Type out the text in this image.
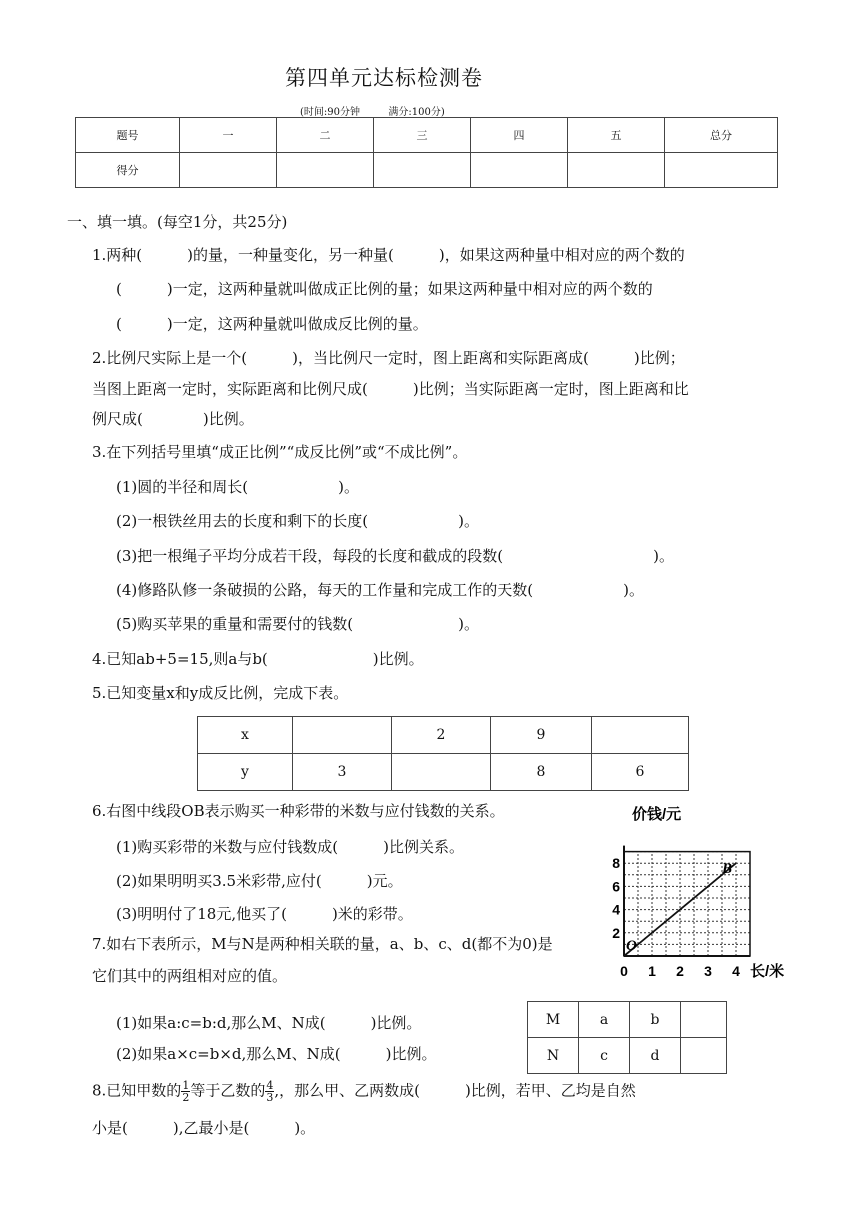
第四单元达标检测卷
(时间:90分钟	满分:100分)
题号	一	二	三	四	五	总分
得分						
一、填一填。(每空1分，共25分)
1.两种(　　　)的量，一种量变化，另一种量(　　　)，如果这两种量中相对应的两个数的
(　　　)一定，这两种量就叫做成正比例的量；如果这两种量中相对应的两个数的
(　　　)一定，这两种量就叫做成反比例的量。
2.比例尺实际上是一个(　　　)，当比例尺一定时，图上距离和实际距离成(　　　)比例；
当图上距离一定时，实际距离和比例尺成(　　　)比例；当实际距离一定时，图上距离和比
例尺成(　　　　)比例。
3.在下列括号里填“成正比例”“成反比例”或“不成比例”。
(1)圆的半径和周长(　　　　　　)。
(2)一根铁丝用去的长度和剩下的长度(　　　　　　)。
(3)把一根绳子平均分成若干段，每段的长度和截成的段数(　　　　　　　　　　)。
(4)修路队修一条破损的公路，每天的工作量和完成工作的天数(　　　　　　)。
(5)购买苹果的重量和需要付的钱数(　　　　　　　)。
4.已知ab+5=15,则a与b(　　　　　　　)比例。
5.已知变量x和y成反比例，完成下表。
x		2	9	
y	3		8	6
6.右图中线段OB表示购买一种彩带的米数与应付钱数的关系。
(1)购买彩带的米数与应付钱数成(　　　)比例关系。
(2)如果明明买3.5米彩带,应付(　　　)元。
(3)明明付了18元,他买了(　　　)米的彩带。
0 1 2 3 4
2
4
6
8
价钱/元
长/米
O
B
7.如右下表所示，M与N是两种相关联的量，a、b、c、d(都不为0)是
它们其中的两组相对应的值。
(1)如果a:c=b:d,那么M、N成(　　　)比例。
(2)如果a×c=b×d,那么M、N成(　　　)比例。
M	a	b	
N	c	d	
8.已知甲数的 $\frac{1}{2}$ 等于乙数的 $\frac{4}{3}$ ,，那么甲、乙两数成(　　　)比例，若甲、乙均是自然
小是(　　　),乙最小是(　　　)。
